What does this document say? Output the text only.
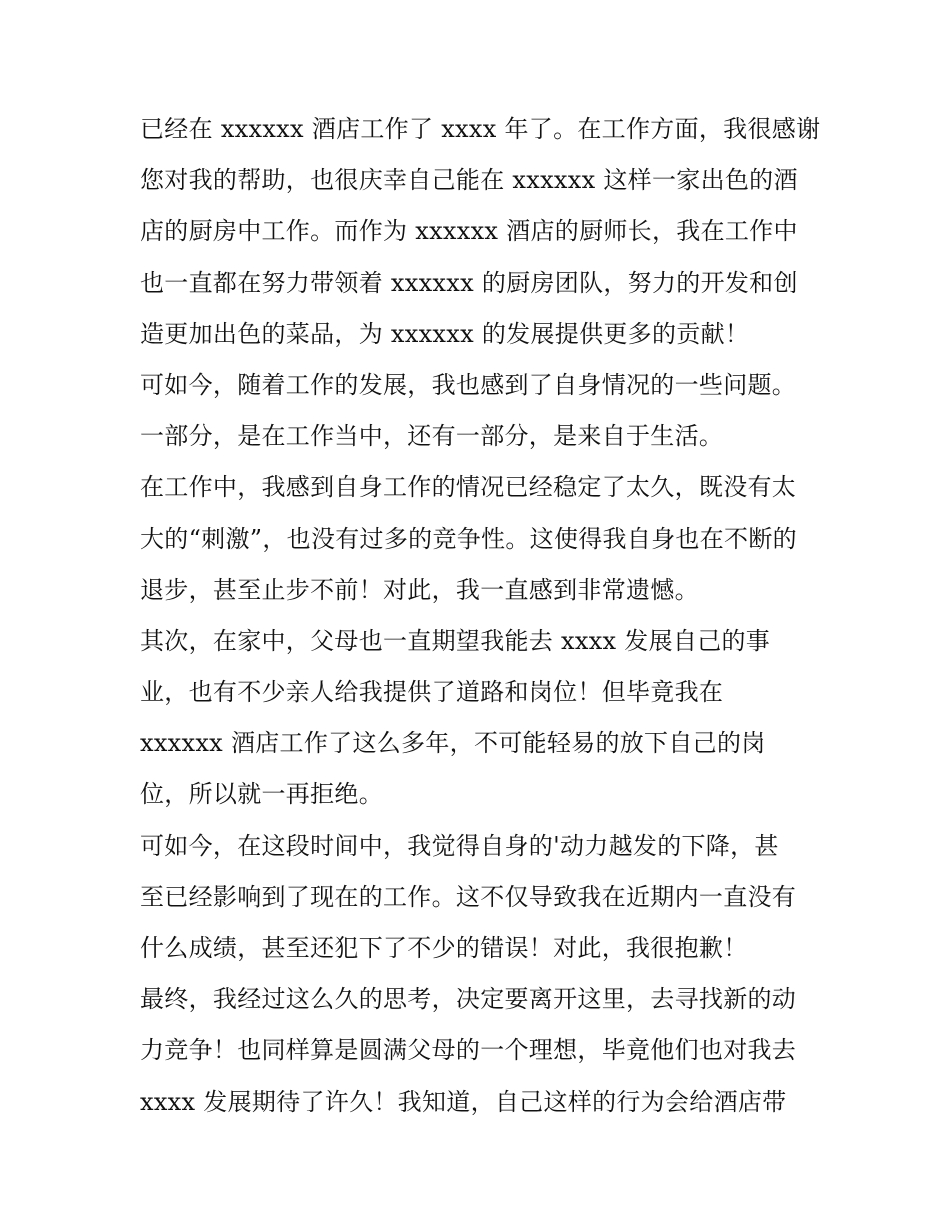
已经在 xxxxxx 酒店工作了 xxxx 年了。在工作方面，我很感谢
您对我的帮助，也很庆幸自己能在 xxxxxx 这样一家出色的酒
店的厨房中工作。而作为 xxxxxx 酒店的厨师长，我在工作中
也一直都在努力带领着 xxxxxx 的厨房团队，努力的开发和创
造更加出色的菜品，为 xxxxxx 的发展提供更多的贡献！
可如今，随着工作的发展，我也感到了自身情况的一些问题。
一部分，是在工作当中，还有一部分，是来自于生活。
在工作中，我感到自身工作的情况已经稳定了太久，既没有太
大的“刺激”，也没有过多的竞争性。这使得我自身也在不断的
退步，甚至止步不前！对此，我一直感到非常遗憾。
其次，在家中，父母也一直期望我能去 xxxx 发展自己的事
业，也有不少亲人给我提供了道路和岗位！但毕竟我在
xxxxxx 酒店工作了这么多年，不可能轻易的放下自己的岗
位，所以就一再拒绝。
可如今，在这段时间中，我觉得自身的'动力越发的下降，甚
至已经影响到了现在的工作。这不仅导致我在近期内一直没有
什么成绩，甚至还犯下了不少的错误！对此，我很抱歉！
最终，我经过这么久的思考，决定要离开这里，去寻找新的动
力竞争！也同样算是圆满父母的一个理想，毕竟他们也对我去
xxxx 发展期待了许久！我知道，自己这样的行为会给酒店带
